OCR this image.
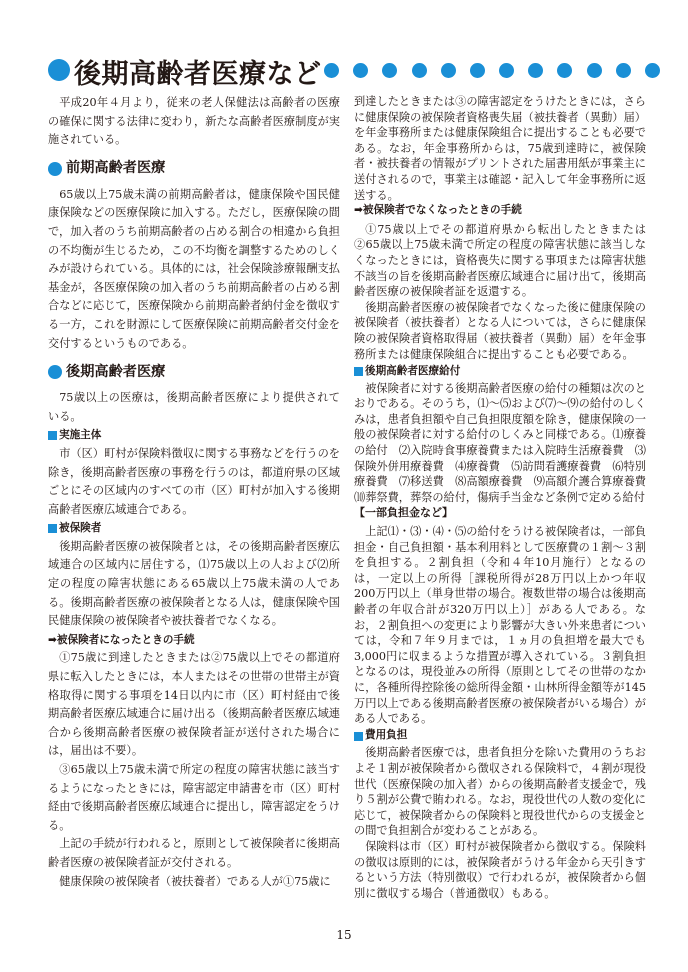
後期高齢者医療など

平成20年４月より，従来の老人保健法は高齢者の医療の確保に関する法律に変わり，新たな高齢者医療制度が実施されている。

前期高齢者医療

65歳以上75歳未満の前期高齢者は，健康保険や国民健康保険などの医療保険に加入する。ただし，医療保険の間で，加入者のうち前期高齢者の占める割合の相違から負担の不均衡が生じるため，この不均衡を調整するためのしくみが設けられている。具体的には，社会保険診療報酬支払基金が，各医療保険の加入者のうち前期高齢者の占める割合などに応じて，医療保険から前期高齢者納付金を徴収する一方，これを財源にして医療保険に前期高齢者交付金を交付するというものである。

後期高齢者医療

75歳以上の医療は，後期高齢者医療により提供されている。

実施主体

市（区）町村が保険料徴収に関する事務などを行うのを除き，後期高齢者医療の事務を行うのは，都道府県の区域ごとにその区域内のすべての市（区）町村が加入する後期高齢者医療広域連合である。

被保険者

後期高齢者医療の被保険者とは，その後期高齢者医療広域連合の区域内に居住する，⑴75歳以上の人および⑵所定の程度の障害状態にある65歳以上75歳未満の人である。後期高齢者医療の被保険者となる人は，健康保険や国民健康保険の被保険者や被扶養者でなくなる。

➡被保険者になったときの手続

①75歳に到達したときまたは②75歳以上でその都道府県に転入したときには，本人またはその世帯の世帯主が資格取得に関する事項を14日以内に市（区）町村経由で後期高齢者医療広域連合に届け出る（後期高齢者医療広域連合から後期高齢者医療の被保険者証が送付された場合には，届出は不要）。

③65歳以上75歳未満で所定の程度の障害状態に該当するようになったときには，障害認定申請書を市（区）町村経由で後期高齢者医療広域連合に提出し，障害認定をうける。

上記の手続が行われると，原則として被保険者に後期高齢者医療の被保険者証が交付される。

健康保険の被保険者（被扶養者）である人が①75歳に

到達したときまたは③の障害認定をうけたときには，さらに健康保険の被保険者資格喪失届（被扶養者（異動）届）を年金事務所または健康保険組合に提出することも必要である。なお，年金事務所からは，75歳到達時に，被保険者・被扶養者の情報がプリントされた届書用紙が事業主に送付されるので，事業主は確認・記入して年金事務所に返送する。

➡被保険者でなくなったときの手続

①75歳以上でその都道府県から転出したときまたは②65歳以上75歳未満で所定の程度の障害状態に該当しなくなったときには，資格喪失に関する事項または障害状態不該当の旨を後期高齢者医療広域連合に届け出て，後期高齢者医療の被保険者証を返還する。

後期高齢者医療の被保険者でなくなった後に健康保険の被保険者（被扶養者）となる人については，さらに健康保険の被保険者資格取得届（被扶養者（異動）届）を年金事務所または健康保険組合に提出することも必要である。

後期高齢者医療給付

被保険者に対する後期高齢者医療の給付の種類は次のとおりである。そのうち，⑴～⑸および⑺～⑼の給付のしくみは，患者負担額や自己負担限度額を除き，健康保険の一般の被保険者に対する給付のしくみと同様である。⑴療養の給付　⑵入院時食事療養費または入院時生活療養費　⑶保険外併用療養費　⑷療養費　⑸訪問看護療養費　⑹特別療養費　⑺移送費　⑻高額療養費　⑼高額介護合算療養費　⑽葬祭費，葬祭の給付，傷病手当金など条例で定める給付

【一部負担金など】

上記⑴・⑶・⑷・⑸の給付をうける被保険者は，一部負担金・自己負担額・基本利用料として医療費の１割〜３割を負担する。２割負担（令和４年10月施行）となるのは，一定以上の所得［課税所得が28万円以上かつ年収200万円以上（単身世帯の場合。複数世帯の場合は後期高齢者の年収合計が320万円以上）］がある人である。なお，２割負担への変更により影響が大きい外来患者については，令和７年９月までは，１ヵ月の負担増を最大でも3,000円に収まるような措置が導入されている。３割負担となるのは，現役並みの所得（原則としてその世帯のなかに，各種所得控除後の総所得金額・山林所得金額等が145万円以上である後期高齢者医療の被保険者がいる場合）がある人である。

費用負担

後期高齢者医療では，患者負担分を除いた費用のうちおよそ１割が被保険者から徴収される保険料で，４割が現役世代（医療保険の加入者）からの後期高齢者支援金で，残り５割が公費で賄われる。なお，現役世代の人数の変化に応じて，被保険者からの保険料と現役世代からの支援金との間で負担割合が変わることがある。

保険料は市（区）町村が被保険者から徴収する。保険料の徴収は原則的には，被保険者がうける年金から天引きするという方法（特別徴収）で行われるが，被保険者から個別に徴収する場合（普通徴収）もある。

15
